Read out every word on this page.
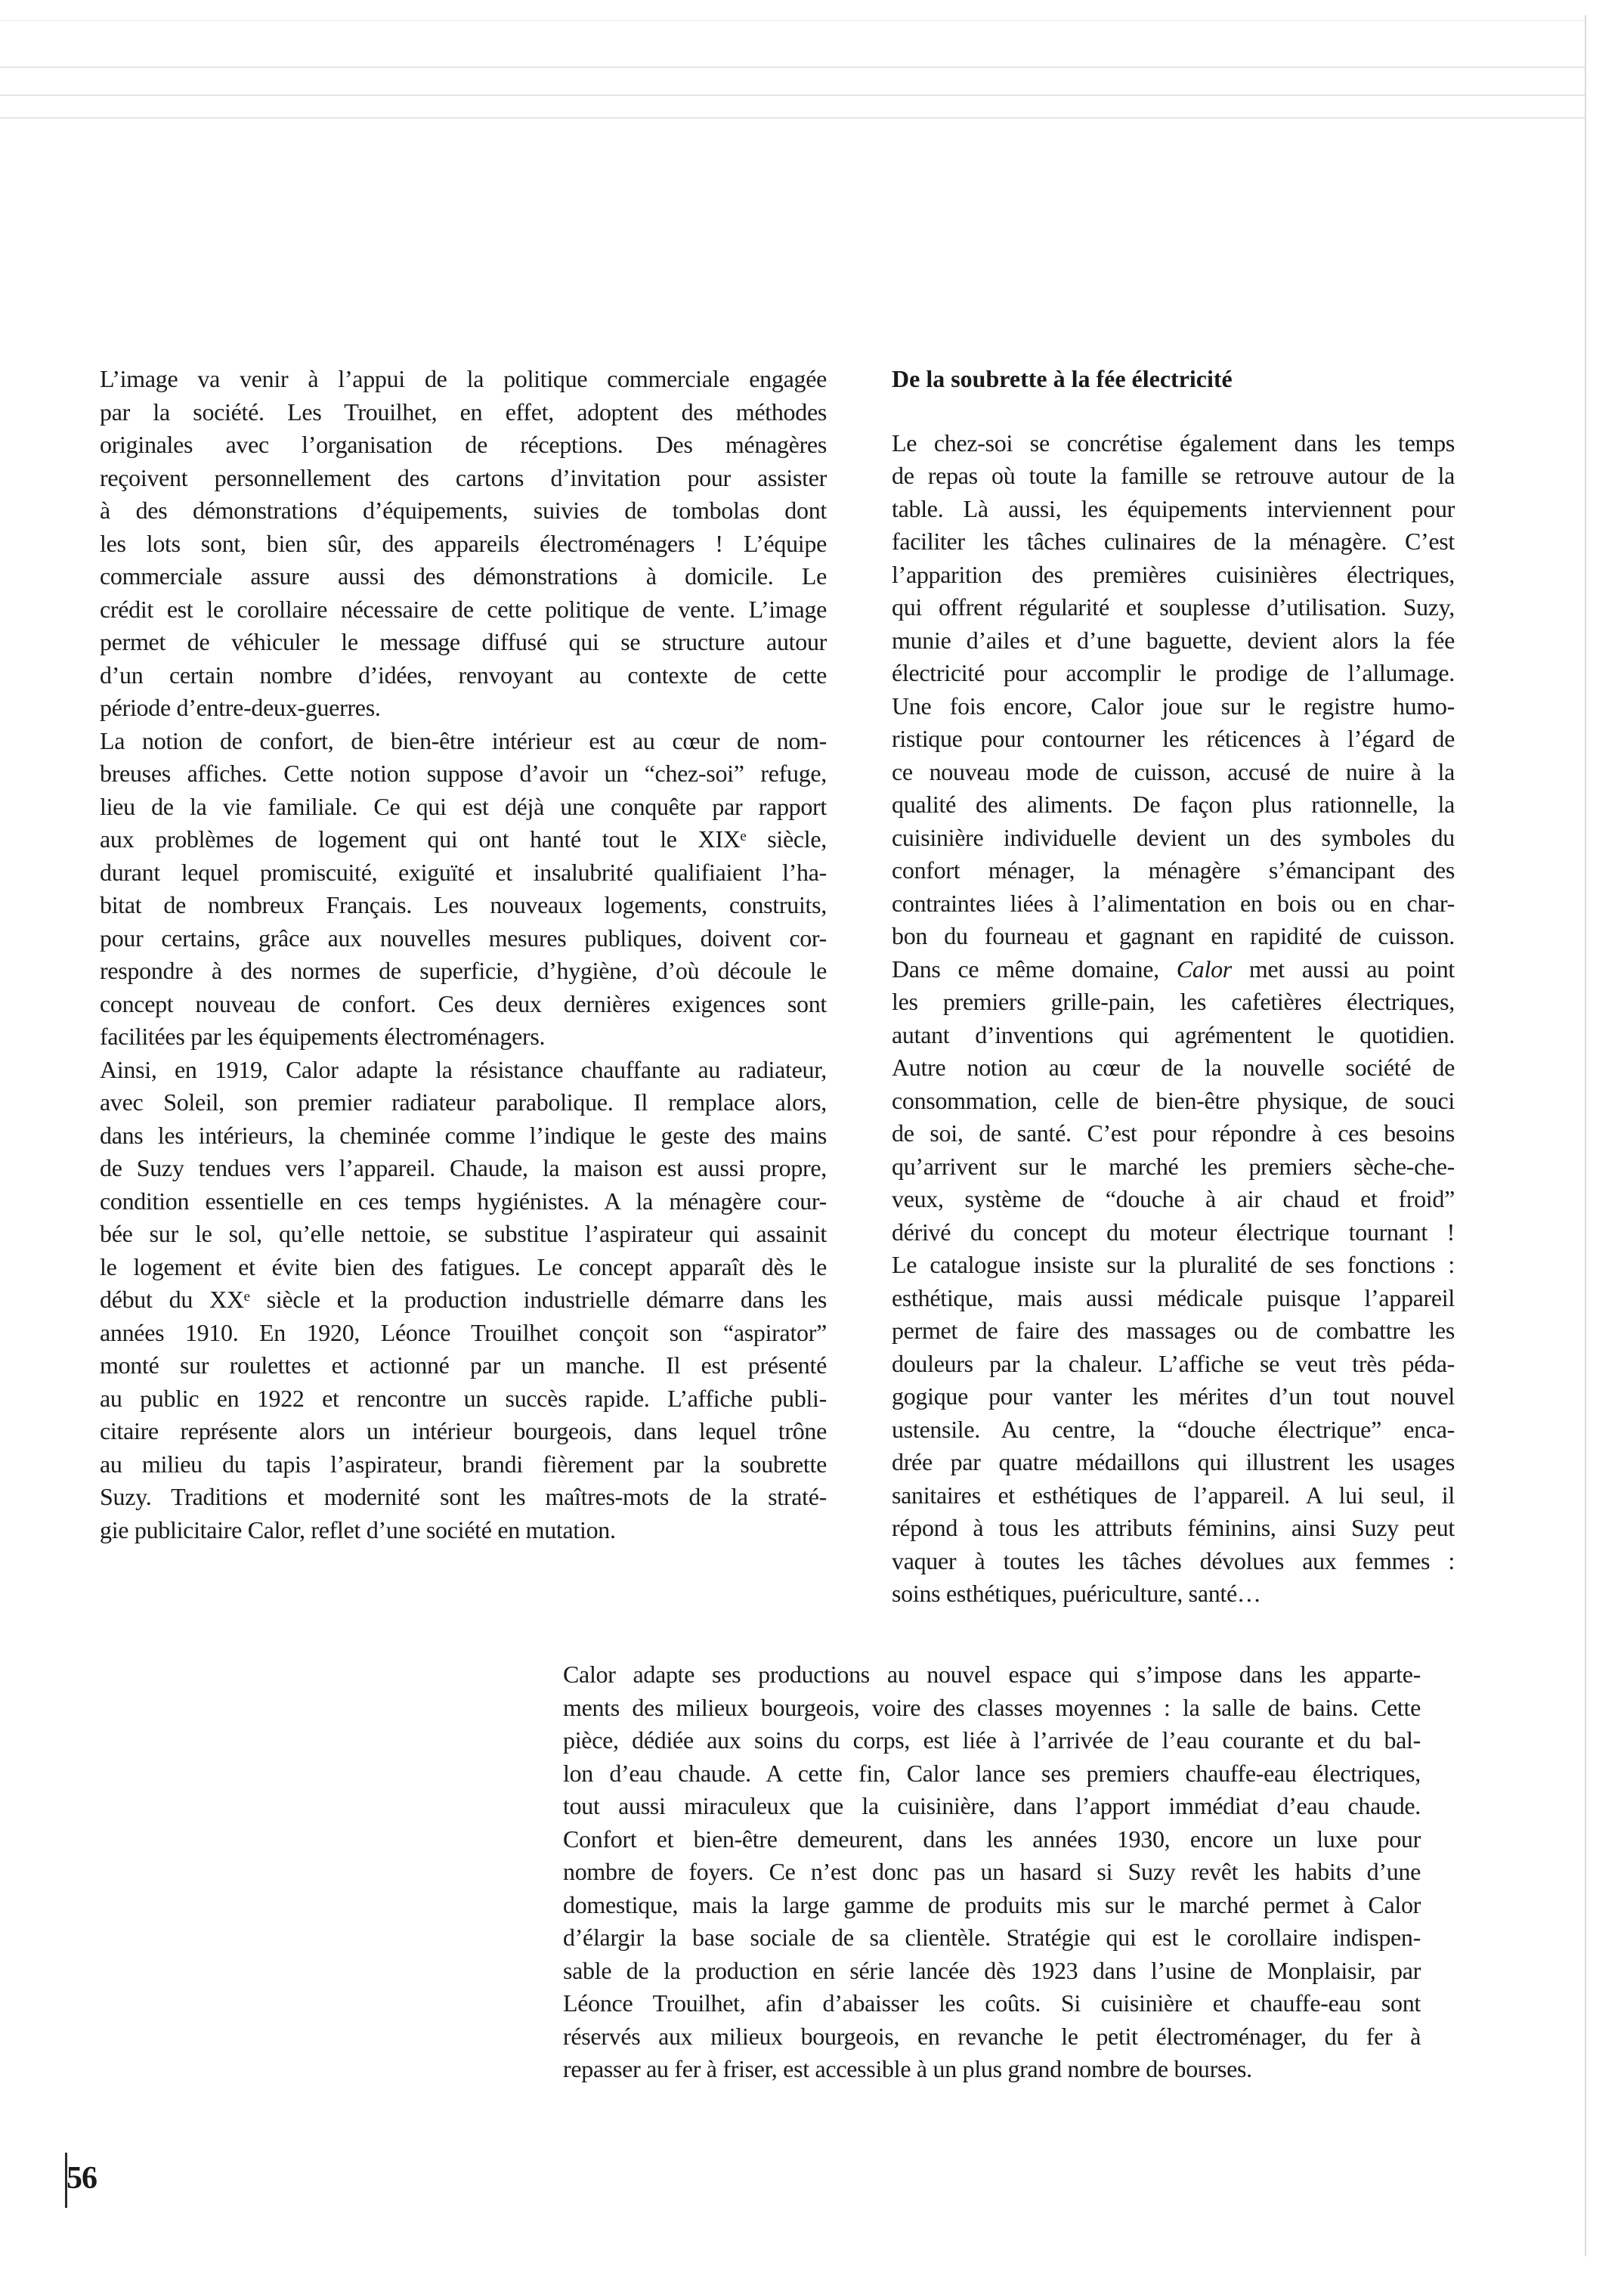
L’image va venir à l’appui de la politique commerciale engagée
par la société. Les Trouilhet, en effet, adoptent des méthodes
originales avec l’organisation de réceptions. Des ménagères
reçoivent personnellement des cartons d’invitation pour assister
à des démonstrations d’équipements, suivies de tombolas dont
les lots sont, bien sûr, des appareils électroménagers ! L’équipe
commerciale assure aussi des démonstrations à domicile. Le
crédit est le corollaire nécessaire de cette politique de vente. L’image
permet de véhiculer le message diffusé qui se structure autour
d’un certain nombre d’idées, renvoyant au contexte de cette
période d’entre-deux-guerres.
La notion de confort, de bien-être intérieur est au cœur de nom-
breuses affiches. Cette notion suppose d’avoir un “chez-soi” refuge,
lieu de la vie familiale. Ce qui est déjà une conquête par rapport
aux problèmes de logement qui ont hanté tout le XIXᵉ siècle,
durant lequel promiscuité, exiguïté et insalubrité qualifiaient l’ha-
bitat de nombreux Français. Les nouveaux logements, construits,
pour certains, grâce aux nouvelles mesures publiques, doivent cor-
respondre à des normes de superficie, d’hygiène, d’où découle le
concept nouveau de confort. Ces deux dernières exigences sont
facilitées par les équipements électroménagers.
Ainsi, en 1919, Calor adapte la résistance chauffante au radiateur,
avec Soleil, son premier radiateur parabolique. Il remplace alors,
dans les intérieurs, la cheminée comme l’indique le geste des mains
de Suzy tendues vers l’appareil. Chaude, la maison est aussi propre,
condition essentielle en ces temps hygiénistes. A la ménagère cour-
bée sur le sol, qu’elle nettoie, se substitue l’aspirateur qui assainit
le logement et évite bien des fatigues. Le concept apparaît dès le
début du XXᵉ siècle et la production industrielle démarre dans les
années 1910. En 1920, Léonce Trouilhet conçoit son “aspirator”
monté sur roulettes et actionné par un manche. Il est présenté
au public en 1922 et rencontre un succès rapide. L’affiche publi-
citaire représente alors un intérieur bourgeois, dans lequel trône
au milieu du tapis l’aspirateur, brandi fièrement par la soubrette
Suzy. Traditions et modernité sont les maîtres-mots de la straté-
gie publicitaire Calor, reflet d’une société en mutation.
De la soubrette à la fée électricité
Le chez-soi se concrétise également dans les temps
de repas où toute la famille se retrouve autour de la
table. Là aussi, les équipements interviennent pour
faciliter les tâches culinaires de la ménagère. C’est
l’apparition des premières cuisinières électriques,
qui offrent régularité et souplesse d’utilisation. Suzy,
munie d’ailes et d’une baguette, devient alors la fée
électricité pour accomplir le prodige de l’allumage.
Une fois encore, Calor joue sur le registre humo-
ristique pour contourner les réticences à l’égard de
ce nouveau mode de cuisson, accusé de nuire à la
qualité des aliments. De façon plus rationnelle, la
cuisinière individuelle devient un des symboles du
confort ménager, la ménagère s’émancipant des
contraintes liées à l’alimentation en bois ou en char-
bon du fourneau et gagnant en rapidité de cuisson.
Dans ce même domaine, Calor met aussi au point
les premiers grille-pain, les cafetières électriques,
autant d’inventions qui agrémentent le quotidien.
Autre notion au cœur de la nouvelle société de
consommation, celle de bien-être physique, de souci
de soi, de santé. C’est pour répondre à ces besoins
qu’arrivent sur le marché les premiers sèche-che-
veux, système de “douche à air chaud et froid”
dérivé du concept du moteur électrique tournant !
Le catalogue insiste sur la pluralité de ses fonctions :
esthétique, mais aussi médicale puisque l’appareil
permet de faire des massages ou de combattre les
douleurs par la chaleur. L’affiche se veut très péda-
gogique pour vanter les mérites d’un tout nouvel
ustensile. Au centre, la “douche électrique” enca-
drée par quatre médaillons qui illustrent les usages
sanitaires et esthétiques de l’appareil. A lui seul, il
répond à tous les attributs féminins, ainsi Suzy peut
vaquer à toutes les tâches dévolues aux femmes :
soins esthétiques, puériculture, santé…
Calor adapte ses productions au nouvel espace qui s’impose dans les apparte-
ments des milieux bourgeois, voire des classes moyennes : la salle de bains. Cette
pièce, dédiée aux soins du corps, est liée à l’arrivée de l’eau courante et du bal-
lon d’eau chaude. A cette fin, Calor lance ses premiers chauffe-eau électriques,
tout aussi miraculeux que la cuisinière, dans l’apport immédiat d’eau chaude.
Confort et bien-être demeurent, dans les années 1930, encore un luxe pour
nombre de foyers. Ce n’est donc pas un hasard si Suzy revêt les habits d’une
domestique, mais la large gamme de produits mis sur le marché permet à Calor
d’élargir la base sociale de sa clientèle. Stratégie qui est le corollaire indispen-
sable de la production en série lancée dès 1923 dans l’usine de Monplaisir, par
Léonce Trouilhet, afin d’abaisser les coûts. Si cuisinière et chauffe-eau sont
réservés aux milieux bourgeois, en revanche le petit électroménager, du fer à
repasser au fer à friser, est accessible à un plus grand nombre de bourses.
56
